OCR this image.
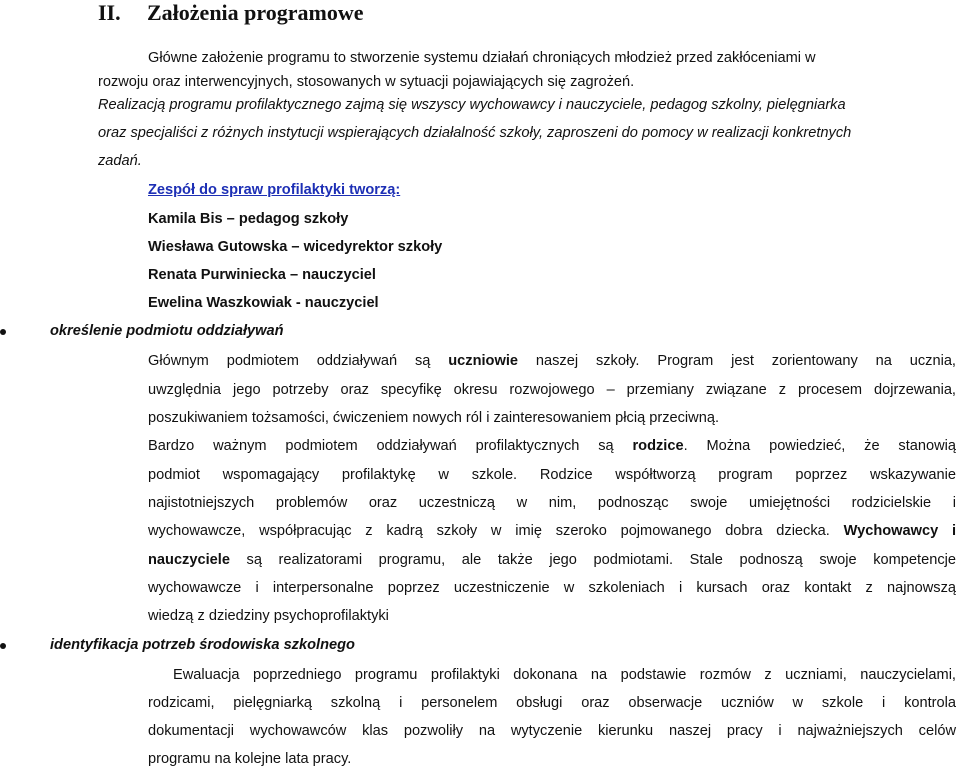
II. Założenia programowe
Główne założenie programu to stworzenie systemu działań chroniących młodzież przed zakłóceniami w
rozwoju oraz interwencyjnych, stosowanych w sytuacji pojawiających się zagrożeń.
Realizacją programu profilaktycznego zajmą się wszyscy wychowawcy i nauczyciele, pedagog szkolny, pielęgniarka
oraz specjaliści z różnych instytucji wspierających działalność szkoły, zaproszeni do pomocy w realizacji konkretnych
zadań.
Zespół do spraw profilaktyki tworzą:
Kamila Bis – pedagog szkoły
Wiesława Gutowska – wicedyrektor szkoły
Renata Purwiniecka – nauczyciel
Ewelina Waszkowiak - nauczyciel
określenie podmiotu oddziaływań
Głównym podmiotem oddziaływań są uczniowie naszej szkoły. Program jest zorientowany na ucznia,
uwzględnia jego potrzeby oraz specyfikę okresu rozwojowego – przemiany związane z procesem dojrzewania,
poszukiwaniem tożsamości, ćwiczeniem nowych ról i zainteresowaniem płcią przeciwną.
Bardzo ważnym podmiotem oddziaływań profilaktycznych są rodzice. Można powiedzieć, że stanowią
podmiot wspomagający profilaktykę w szkole. Rodzice współtworzą program poprzez wskazywanie
najistotniejszych problemów oraz uczestniczą w nim, podnosząc swoje umiejętności rodzicielskie i
wychowawcze, współpracując z kadrą szkoły w imię szeroko pojmowanego dobra dziecka. Wychowawcy i
nauczyciele są realizatorami programu, ale także jego podmiotami. Stale podnoszą swoje kompetencje
wychowawcze i interpersonalne poprzez uczestniczenie w szkoleniach i kursach oraz kontakt z najnowszą
wiedzą z dziedziny psychoprofilaktyki
identyfikacja potrzeb środowiska szkolnego
Ewaluacja poprzedniego programu profilaktyki dokonana na podstawie rozmów z uczniami, nauczycielami,
rodzicami, pielęgniarką szkolną i personelem obsługi oraz obserwacje uczniów w szkole i kontrola
dokumentacji wychowawców klas pozwoliły na wytyczenie kierunku naszej pracy i najważniejszych celów
programu na kolejne lata pracy.
